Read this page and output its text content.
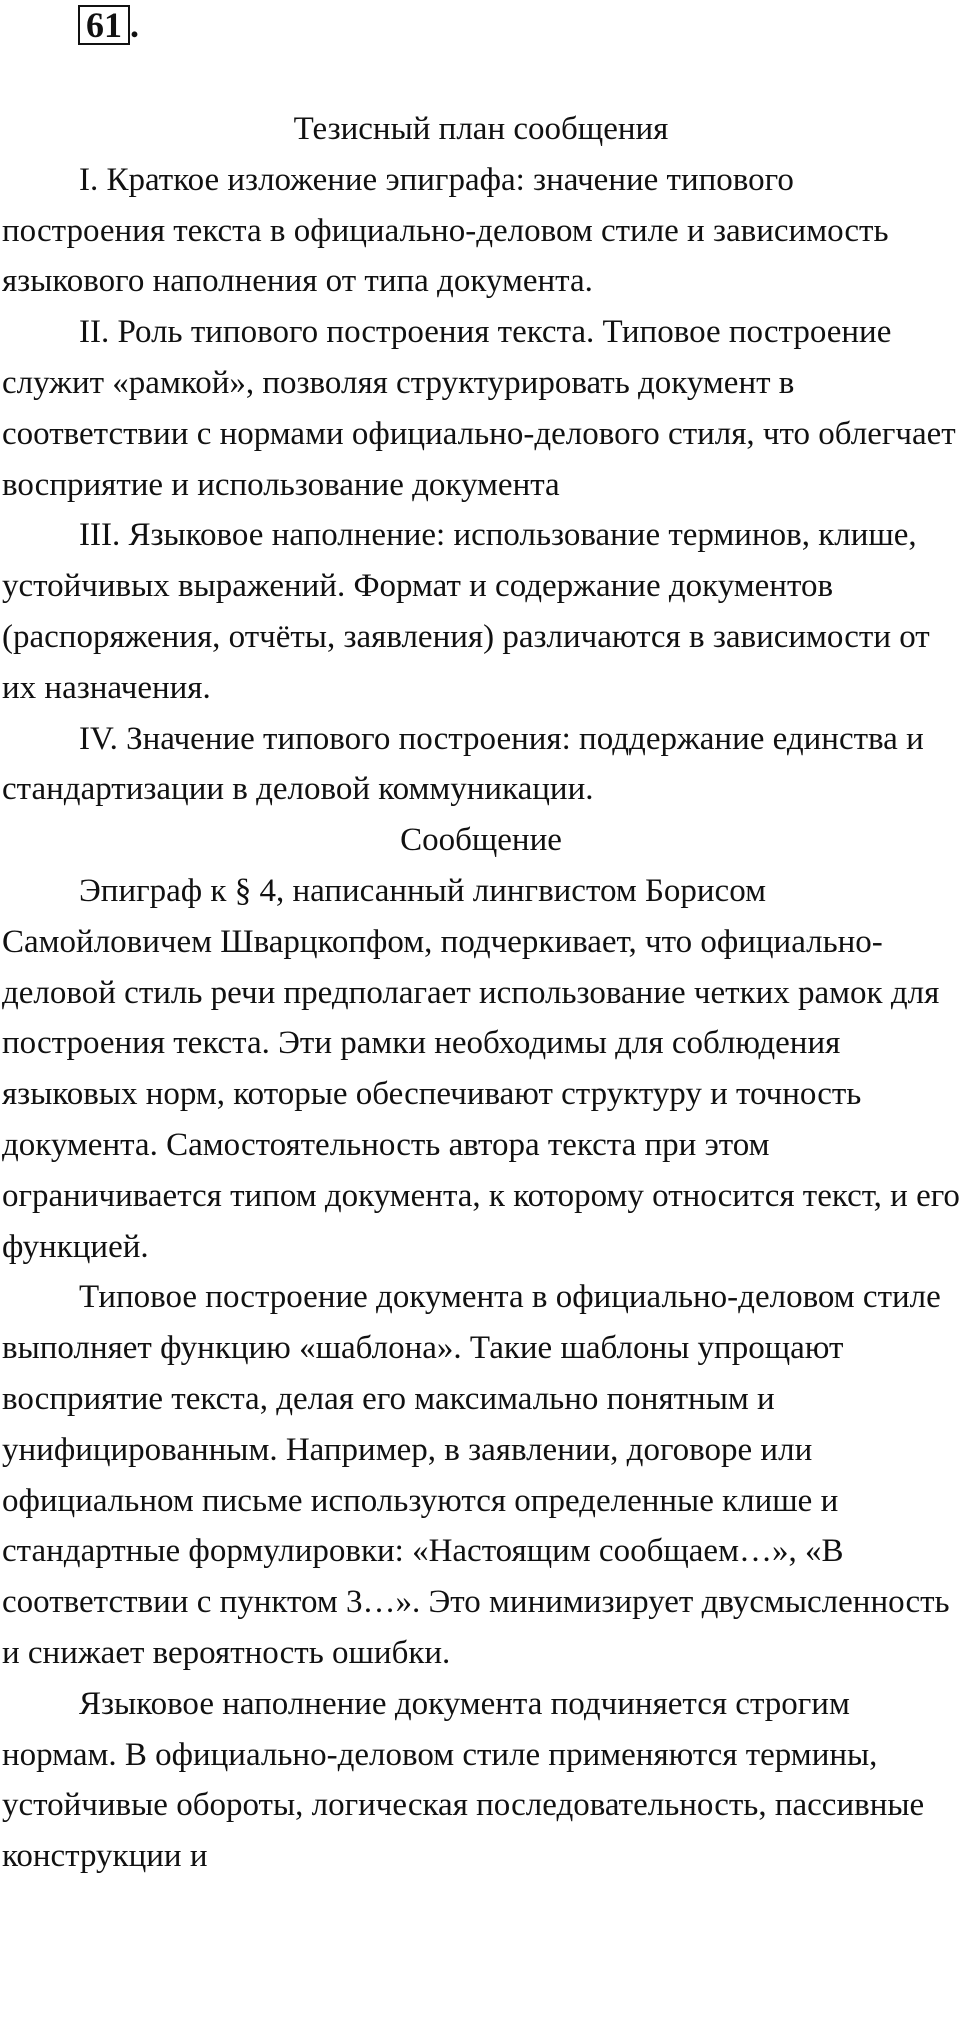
61 .

Тезисный план сообщения

I. Краткое изложение эпиграфа: значение типового построения текста в официально-деловом стиле и зависимость языкового наполнения от типа документа.

II. Роль типового построения текста. Типовое построение служит «рамкой», позволяя структурировать документ в соответствии с нормами официально-делового стиля, что облегчает восприятие и использование документа

III. Языковое наполнение: использование терминов, клише, устойчивых выражений. Формат и содержание документов (распоряжения, отчёты, заявления) различаются в зависимости от их назначения.

IV. Значение типового построения: поддержание единства и стандартизации в деловой коммуникации.

Сообщение

Эпиграф к § 4, написанный лингвистом Борисом Самойловичем Шварцкопфом, подчеркивает, что официально-деловой стиль речи предполагает использование четких рамок для построения текста. Эти рамки необходимы для соблюдения языковых норм, которые обеспечивают структуру и точность документа. Самостоятельность автора текста при этом ограничивается типом документа, к которому относится текст, и его функцией.

Типовое построение документа в официально-деловом стиле выполняет функцию «шаблона». Такие шаблоны упрощают восприятие текста, делая его максимально понятным и унифицированным. Например, в заявлении, договоре или официальном письме используются определенные клише и стандартные формулировки: «Настоящим сообщаем…», «В соответствии с пунктом 3…». Это минимизирует двусмысленность и снижает вероятность ошибки.

Языковое наполнение документа подчиняется строгим нормам. В официально-деловом стиле применяются термины, устойчивые обороты, логическая последовательность, пассивные конструкции и
